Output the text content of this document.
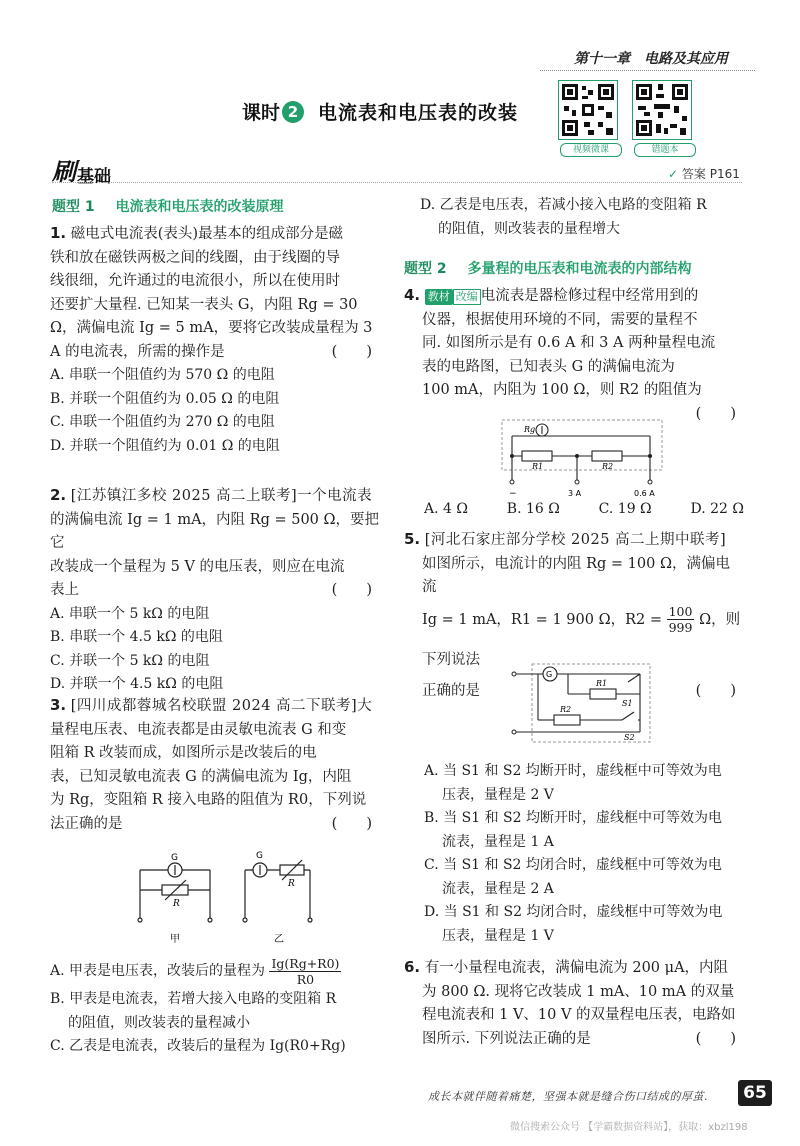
第十一章　电路及其应用
课时 2	电流表和电压表的改装
视频微课	错题本
刷 基础	✓ 答案 P161
题型 1 电流表和电压表的改装原理
1. 磁电式电流表(表头)最基本的组成部分是磁
铁和放在磁铁两极之间的线圈，由于线圈的导
线很细，允许通过的电流很小，所以在使用时
还要扩大量程. 已知某一表头 G，内阻 Rg = 30
Ω，满偏电流 Ig = 5 mA，要将它改装成量程为 3
A 的电流表，所需的操作是	(　　)
A. 串联一个阻值约为 570 Ω 的电阻
B. 并联一个阻值约为 0.05 Ω 的电阻
C. 串联一个阻值约为 270 Ω 的电阻
D. 并联一个阻值约为 0.01 Ω 的电阻
2. [江苏镇江多校 2025 高二上联考]一个电流表
的满偏电流 Ig = 1 mA，内阻 Rg = 500 Ω，要把它
改装成一个量程为 5 V 的电压表，则应在电流
表上	(　　)
A. 串联一个 5 kΩ 的电阻
B. 串联一个 4.5 kΩ 的电阻
C. 并联一个 5 kΩ 的电阻
D. 并联一个 4.5 kΩ 的电阻
3. [四川成都蓉城名校联盟 2024 高二下联考]大
量程电压表、电流表都是由灵敏电流表 G 和变
阻箱 R 改装而成，如图所示是改装后的电
表，已知灵敏电流表 G 的满偏电流为 Ig，内阻
为 Rg，变阻箱 R 接入电路的阻值为 R0，下列说
法正确的是	(　　)
G
R
甲
G
R
乙
A. 甲表是电压表，改装后的量程为 $\frac{Ig(Rg+R0)}{R0}$
B. 甲表是电流表，若增大接入电路的变阻箱 R
的阻值，则改装表的量程减小
C. 乙表是电流表，改装后的量程为 Ig(R0+Rg)
D. 乙表是电压表，若减小接入电路的变阻箱 R
的阻值，则改装表的量程增大
题型 2 多量程的电压表和电流表的内部结构
4. 教材 改编 电流表是器检修过程中经常用到的
仪器，根据使用环境的不同，需要的量程不
同. 如图所示是有 0.6 A 和 3 A 两种量程电流
表的电路图，已知表头 G 的满偏电流为
100 mA，内阻为 100 Ω，则 R2 的阻值为
(　　)
Rg
R1	R2
−	3 A	0.6 A
A. 4 Ω	B. 16 Ω	C. 19 Ω	D. 22 Ω
5. [河北石家庄部分学校 2025 高二上期中联考]
如图所示，电流计的内阻 Rg = 100 Ω，满偏电流
Ig = 1 mA，R1 = 1 900 Ω，$R2 = \frac{100}{999}$ Ω，则下列说法
正确的是	(　　)
G
R1
R2
S1
S2
A. 当 S1 和 S2 均断开时，虚线框中可等效为电
压表，量程是 2 V
B. 当 S1 和 S2 均断开时，虚线框中可等效为电
流表，量程是 1 A
C. 当 S1 和 S2 均闭合时，虚线框中可等效为电
流表，量程是 2 A
D. 当 S1 和 S2 均闭合时，虚线框中可等效为电
压表，量程是 1 V
6. 有一小量程电流表，满偏电流为 200 μA，内阻
为 800 Ω. 现将它改装成 1 mA、10 mA 的双量
程电流表和 1 V、10 V 的双量程电压表，电路如
图所示. 下列说法正确的是	(　　)
成长本就伴随着痛楚，坚强本就是缝合伤口结成的厚茧.	65
微信搜索公众号 【学霸数据资料站】，获取：xbzl198
